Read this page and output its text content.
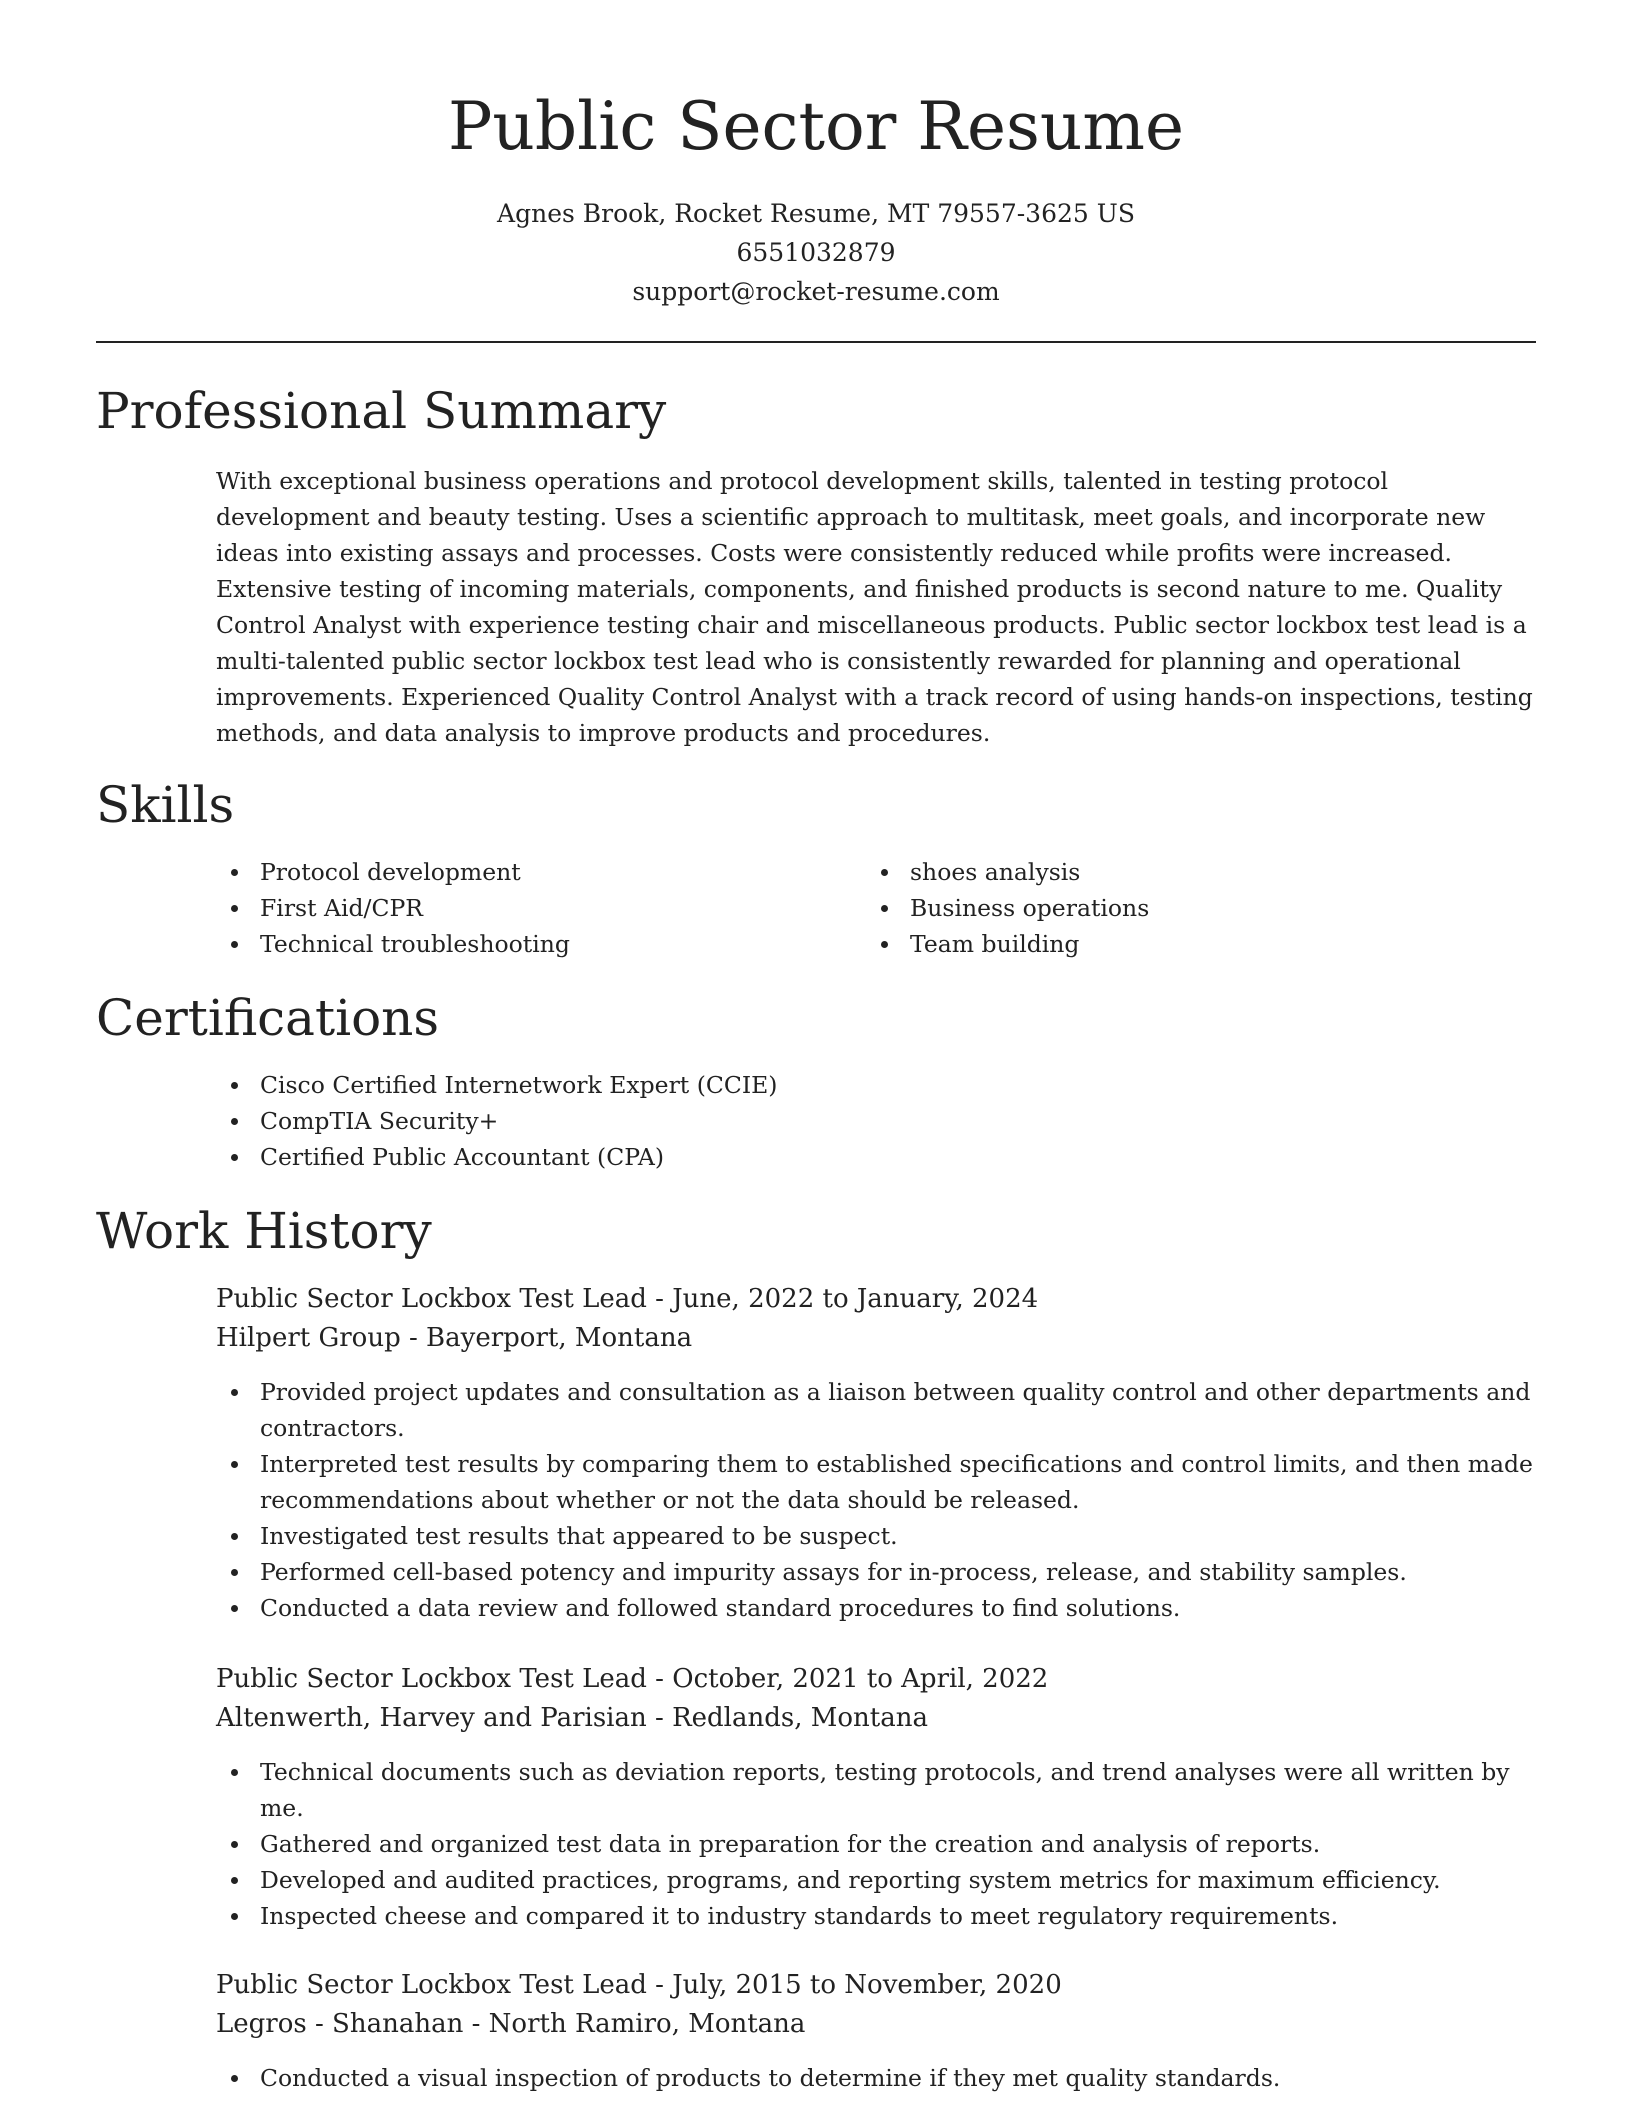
Public Sector Resume
Agnes Brook, Rocket Resume, MT 79557-3625 US
6551032879
support@rocket-resume.com
Professional Summary

With exceptional business operations and protocol development skills, talented in testing protocol development and beauty testing. Uses a scientific approach to multitask, meet goals, and incorporate new ideas into existing assays and processes. Costs were consistently reduced while profits were increased. Extensive testing of incoming materials, components, and finished products is second nature to me. Quality Control Analyst with experience testing chair and miscellaneous products. Public sector lockbox test lead is a multi-talented public sector lockbox test lead who is consistently rewarded for planning and operational improvements. Experienced Quality Control Analyst with a track record of using hands-on inspections, testing methods, and data analysis to improve products and procedures.

Skills
Protocol development
First Aid/CPR
Technical troubleshooting
shoes analysis
Business operations
Team building
Certifications
Cisco Certified Internetwork Expert (CCIE)
CompTIA Security+
Certified Public Accountant (CPA)
Work History
Public Sector Lockbox Test Lead - June, 2022 to January, 2024
Hilpert Group - Bayerport, Montana
Provided project updates and consultation as a liaison between quality control and other departments and contractors.
Interpreted test results by comparing them to established specifications and control limits, and then made recommendations about whether or not the data should be released.
Investigated test results that appeared to be suspect.
Performed cell-based potency and impurity assays for in-process, release, and stability samples.
Conducted a data review and followed standard procedures to find solutions.
Public Sector Lockbox Test Lead - October, 2021 to April, 2022
Altenwerth, Harvey and Parisian - Redlands, Montana
Technical documents such as deviation reports, testing protocols, and trend analyses were all written by me.
Gathered and organized test data in preparation for the creation and analysis of reports.
Developed and audited practices, programs, and reporting system metrics for maximum efficiency.
Inspected cheese and compared it to industry standards to meet regulatory requirements.
Public Sector Lockbox Test Lead - July, 2015 to November, 2020
Legros - Shanahan - North Ramiro, Montana
Conducted a visual inspection of products to determine if they met quality standards.
